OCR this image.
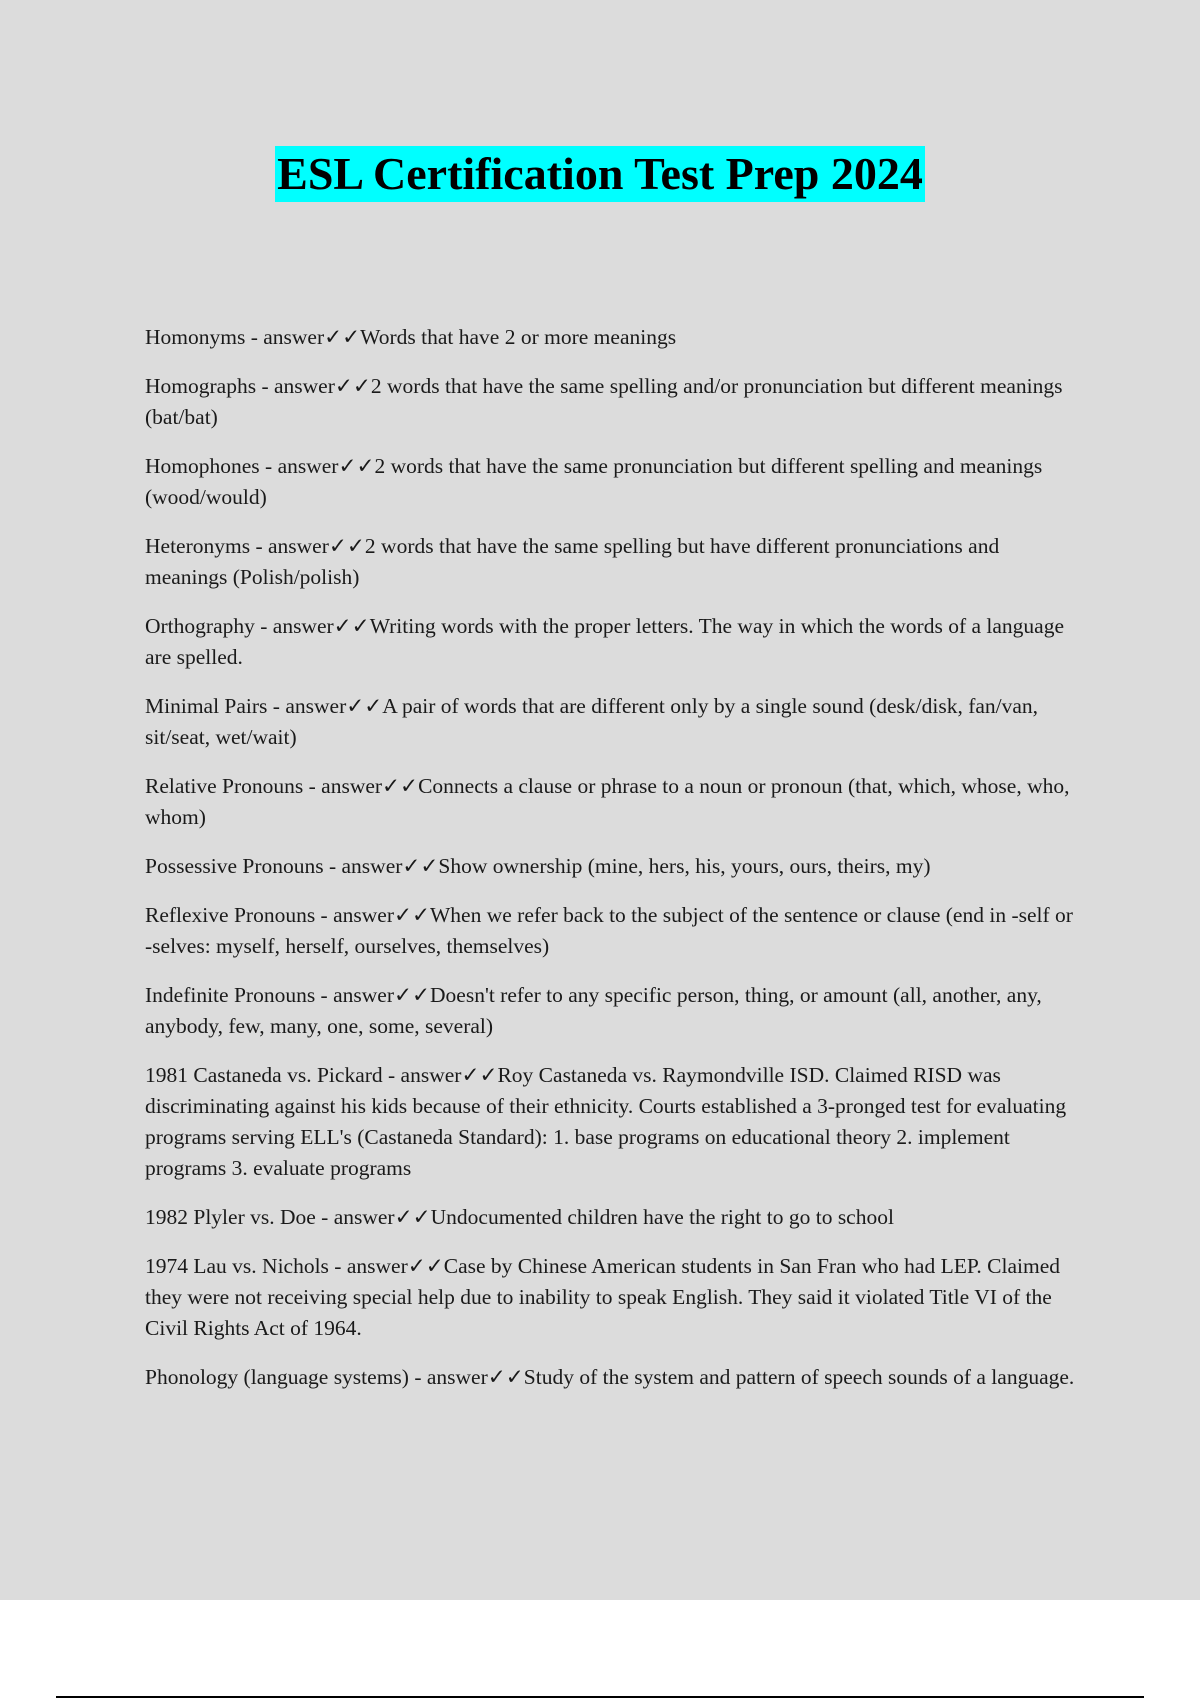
ESL Certification Test Prep 2024

Homonyms - answer✓✓Words that have 2 or more meanings

Homographs - answer✓✓2 words that have the same spelling and/or pronunciation but different meanings (bat/bat)

Homophones - answer✓✓2 words that have the same pronunciation but different spelling and meanings (wood/would)

Heteronyms - answer✓✓2 words that have the same spelling but have different pronunciations and meanings (Polish/polish)

Orthography - answer✓✓Writing words with the proper letters. The way in which the words of a language are spelled.

Minimal Pairs - answer✓✓A pair of words that are different only by a single sound (desk/disk, fan/van, sit/seat, wet/wait)

Relative Pronouns - answer✓✓Connects a clause or phrase to a noun or pronoun (that, which, whose, who, whom)

Possessive Pronouns - answer✓✓Show ownership (mine, hers, his, yours, ours, theirs, my)

Reflexive Pronouns - answer✓✓When we refer back to the subject of the sentence or clause (end in -self or -selves: myself, herself, ourselves, themselves)

Indefinite Pronouns - answer✓✓Doesn't refer to any specific person, thing, or amount (all, another, any, anybody, few, many, one, some, several)

1981 Castaneda vs. Pickard - answer✓✓Roy Castaneda vs. Raymondville ISD. Claimed RISD was discriminating against his kids because of their ethnicity. Courts established a 3-pronged test for evaluating programs serving ELL's (Castaneda Standard): 1. base programs on educational theory 2. implement programs 3. evaluate programs

1982 Plyler vs. Doe - answer✓✓Undocumented children have the right to go to school

1974 Lau vs. Nichols - answer✓✓Case by Chinese American students in San Fran who had LEP. Claimed they were not receiving special help due to inability to speak English. They said it violated Title VI of the Civil Rights Act of 1964.

Phonology (language systems) - answer✓✓Study of the system and pattern of speech sounds of a language.
